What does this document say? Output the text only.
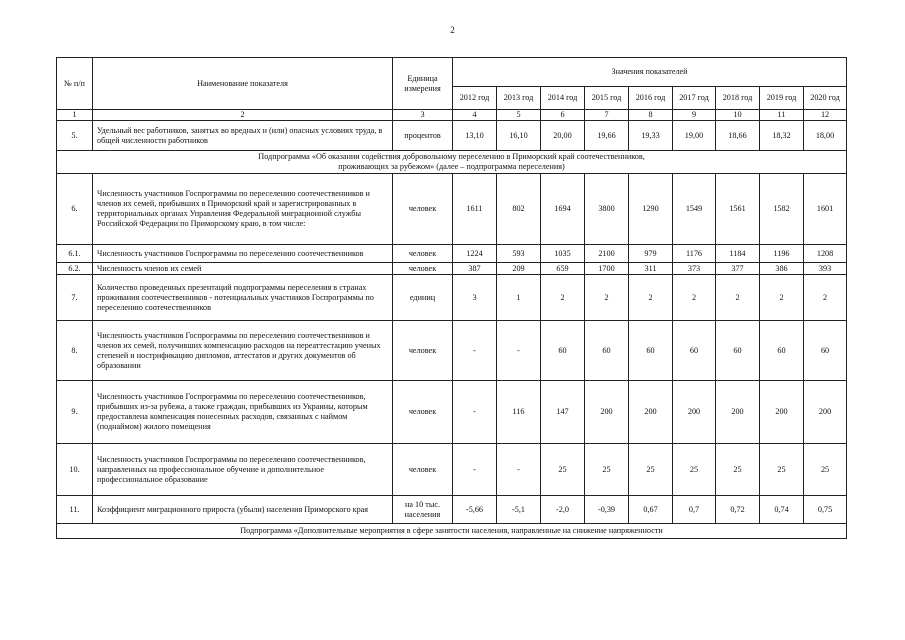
2
№ п/п	Наименование показателя	Единица измерения	Значения показателей								
			2012 год	2013 год	2014 год	2015 год	2016 год	2017 год	2018 год	2019 год	2020 год
1	2	3	4	5	6	7	8	9	10	11	12
5.	Удельный вес работников, занятых во вредных и (или) опасных условиях труда, в общей численности работников	процентов	13,10	16,10	20,00	19,66	19,33	19,00	18,66	18,32	18,00

Подпрограмма «Об оказании содействия добровольному переселению в Приморский край соотечественников,
проживающих за рубежом» (далее – подпрограмма переселения)											

6.	Численность участников Госпрограммы по переселению соотечественников и членов их семей, прибывших в Приморский край и зарегистрированных в территориальных органах Управления Федеральной миграционной службы Российской Федерации по Приморскому краю, в том числе:	человек	1611	802	1694	3800	1290	1549	1561	1582	1601
6.1.	Численность участников Госпрограммы по переселению соотечественников	человек	1224	593	1035	2100	979	1176	1184	1196	1208
6.2.	Численность членов их семей	человек	387	209	659	1700	311	373	377	386	393
7.	Количество проведенных презентаций подпрограммы переселения в странах проживания соотечественников - потенциальных участников Госпрограммы по переселению соотечественников	единиц	3	1	2	2	2	2	2	2	2
8.	Численность участников Госпрограммы по переселению соотечественников и членов их семей, получивших компенсацию расходов на переаттестацию ученых степеней и нострификацию дипломов, аттестатов и других документов об образовании	человек	-	-	60	60	60	60	60	60	60
9.	Численность участников Госпрограммы по переселению соотечественников, прибывших из-за рубежа, а также граждан, прибывших из Украины, которым предоставлена компенсация понесенных расходов, связанных с наймом (поднаймом) жилого помещения	человек	-	116	147	200	200	200	200	200	200
10.	Численность участников Госпрограммы по переселению соотечественников, направленных на профессиональное обучение и дополнительное профессиональное образование	человек	-	-	25	25	25	25	25	25	25
11.	Коэффициент миграционного прироста (убыли) населения Приморского края	на 10 тыс. населения	-5,66	-5,1	-2,0	-0,39	0,67	0,7	0,72	0,74	0,75

Подпрограмма «Дополнительные мероприятия в сфере занятости населения, направленные на снижение напряженности											
